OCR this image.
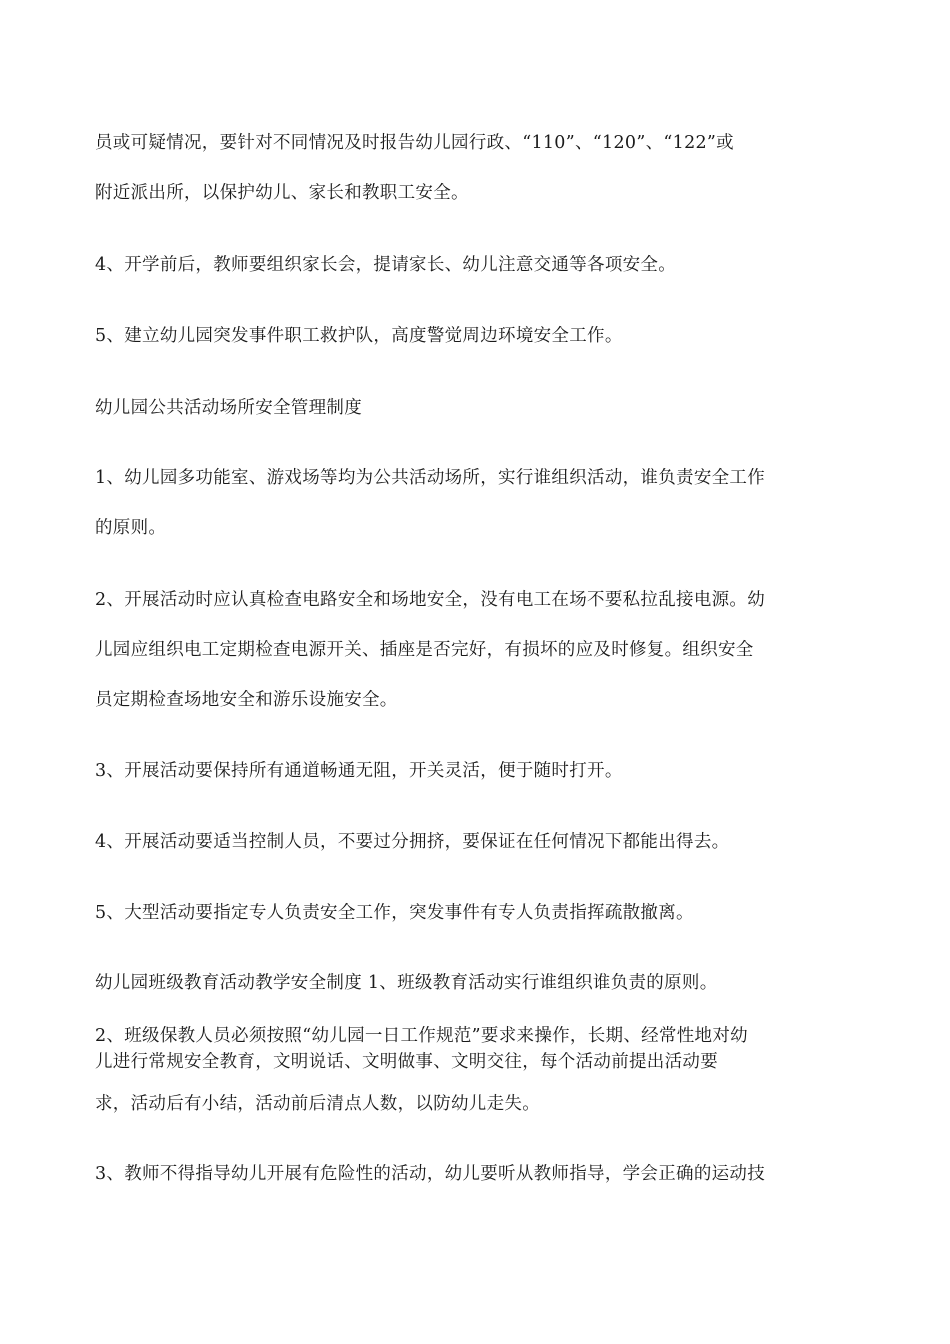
员或可疑情况，要针对不同情况及时报告幼儿园行政、“110”、“120”、“122”或
附近派出所，以保护幼儿、家长和教职工安全。
4、开学前后，教师要组织家长会，提请家长、幼儿注意交通等各项安全。
5、建立幼儿园突发事件职工救护队，高度警觉周边环境安全工作。
幼儿园公共活动场所安全管理制度
1、幼儿园多功能室、游戏场等均为公共活动场所，实行谁组织活动，谁负责安全工作
的原则。
2、开展活动时应认真检查电路安全和场地安全，没有电工在场不要私拉乱接电源。幼
儿园应组织电工定期检查电源开关、插座是否完好，有损坏的应及时修复。组织安全
员定期检查场地安全和游乐设施安全。
3、开展活动要保持所有通道畅通无阻，开关灵活，便于随时打开。
4、开展活动要适当控制人员，不要过分拥挤，要保证在任何情况下都能出得去。
5、大型活动要指定专人负责安全工作，突发事件有专人负责指挥疏散撤离。
幼儿园班级教育活动教学安全制度 1、班级教育活动实行谁组织谁负责的原则。
2、班级保教人员必须按照“幼儿园一日工作规范”要求来操作，长期、经常性地对幼
儿进行常规安全教育，文明说话、文明做事、文明交往，每个活动前提出活动要
求，活动后有小结，活动前后清点人数，以防幼儿走失。
3、教师不得指导幼儿开展有危险性的活动，幼儿要听从教师指导，学会正确的运动技
